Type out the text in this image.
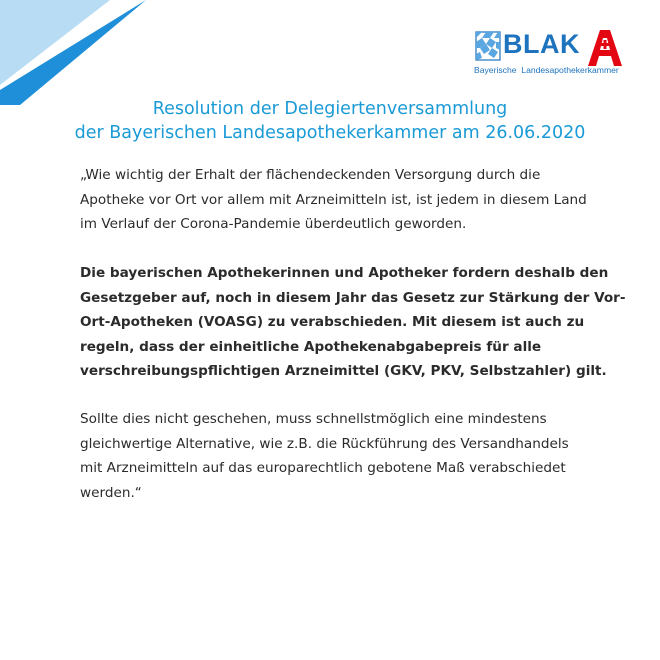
BLAK
Bayerische  Landesapothekerkammer
Resolution der Delegiertenversammlung
der Bayerischen Landesapothekerkammer am 26.06.2020
„Wie wichtig der Erhalt der flächendeckenden Versorgung durch die
Apotheke vor Ort vor allem mit Arzneimitteln ist, ist jedem in diesem Land
im Verlauf der Corona-Pandemie überdeutlich geworden.
Die bayerischen Apothekerinnen und Apotheker fordern deshalb den
Gesetzgeber auf, noch in diesem Jahr das Gesetz zur Stärkung der Vor-
Ort-Apotheken (VOASG) zu verabschieden. Mit diesem ist auch zu
regeln, dass der einheitliche Apothekenabgabepreis für alle
verschreibungspflichtigen Arzneimittel (GKV, PKV, Selbstzahler) gilt.
Sollte dies nicht geschehen, muss schnellstmöglich eine mindestens
gleichwertige Alternative, wie z.B. die Rückführung des Versandhandels
mit Arzneimitteln auf das europarechtlich gebotene Maß verabschiedet
werden.“
